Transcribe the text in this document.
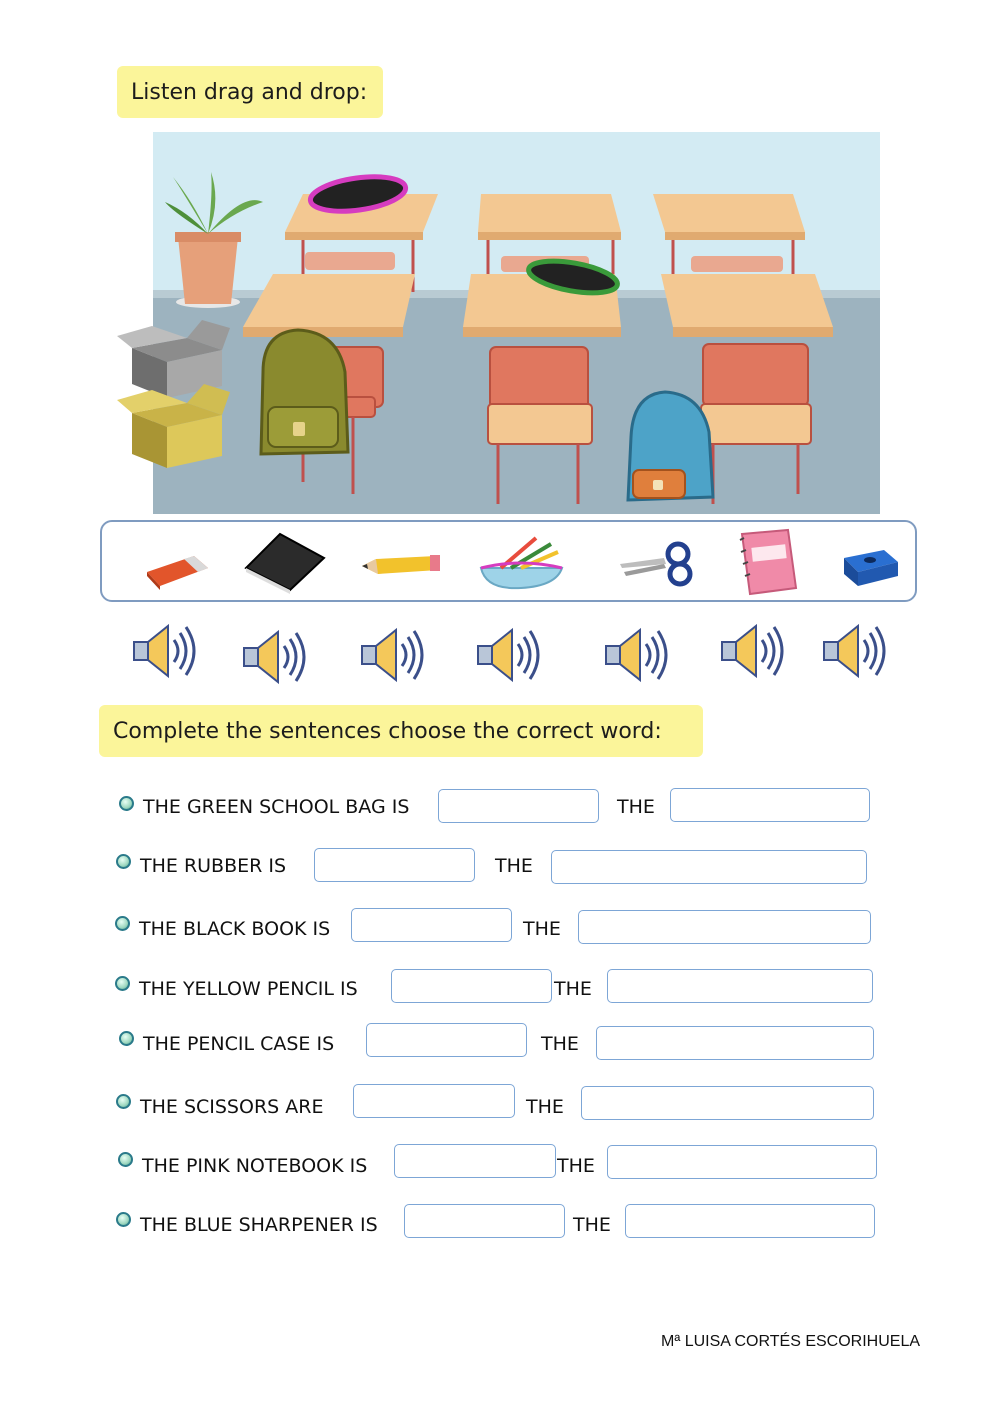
Listen drag and drop:
Complete the sentences choose the correct word:
THE GREEN SCHOOL BAG IS	THE
THE RUBBER IS	THE
THE BLACK BOOK IS	THE
THE YELLOW PENCIL IS	THE
THE PENCIL CASE IS	THE
THE SCISSORS ARE	THE
THE PINK NOTEBOOK IS	THE
THE BLUE SHARPENER IS	THE
Mª LUISA CORTÉS ESCORIHUELA
